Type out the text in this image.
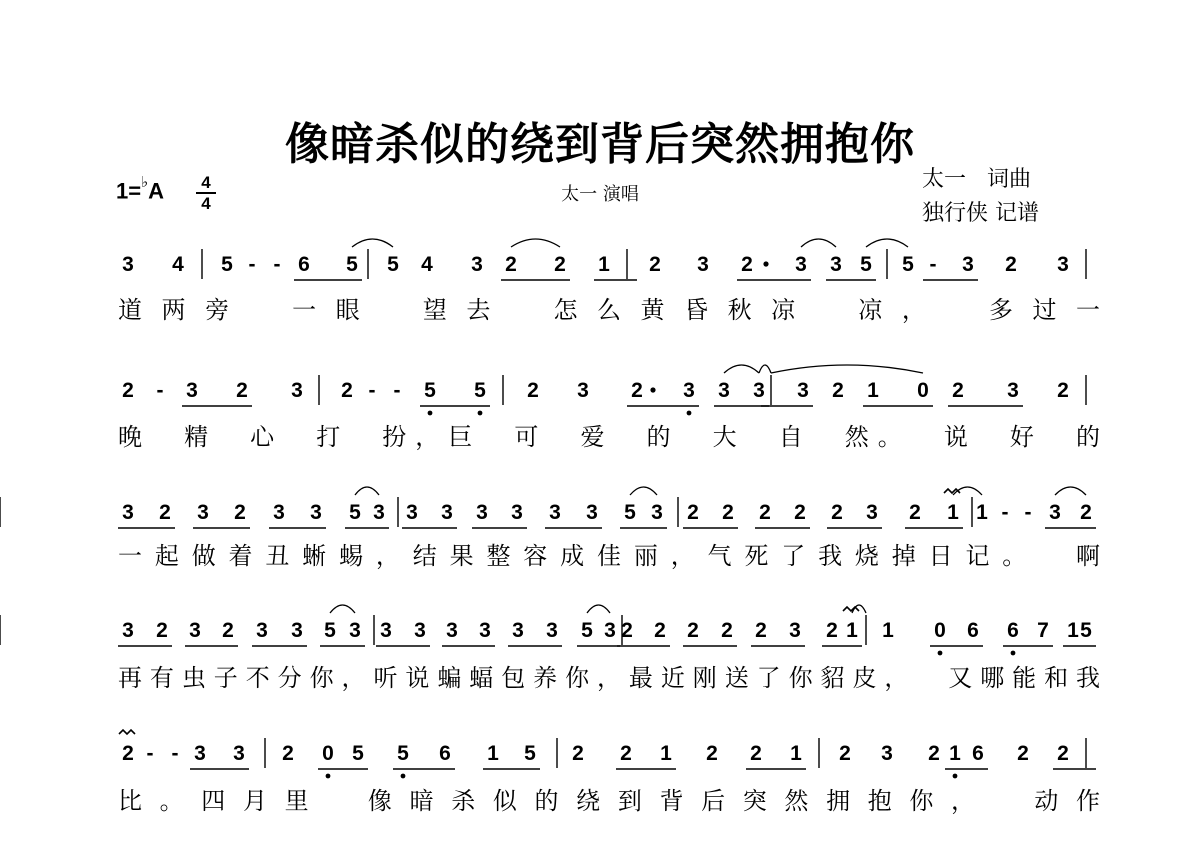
像暗杀似的绕到背后突然拥抱你
1=♭A	4
4	太一 演唱
太一   词曲
独行侠 记谱
3 4 5 - - 6 5 5 4 3 2 2 1 2 3 2 3 3 5 5 - 3 2 3
道 两 旁	一 眼	望 去	怎 么 黄 昏 秋 凉	凉 ，	多 过 一
2 - 3 2 3 2 - - 5 5 2 3 2 3 3 3 3 2 1 0 2 3 2
晚 精 心 打 扮 ， 巨 可 爱 的 大 自 然 。 说 好 的
3 2 3 2 3 3 5 3 3 3 3 3 3 3 5 3 2 2 2 2 2 3 2 1 1 - - 3 2
一 起 做 着 丑 蜥 蜴 ， 结 果 整 容 成 佳 丽 ， 气 死 了 我 烧 掉 日 记 。 啊
3 2 3 2 3 3 5 3 3 3 3 3 3 3 5 3 2 2 2 2 2 3 2 1 1 0 6 6 7 1 5
再 有 虫 子 不 分 你 ， 听 说 蝙 蝠 包 养 你 ， 最 近 刚 送 了 你 貂 皮 ， 又 哪 能 和 我
2 - - 3 3 2 0 5 5 6 1 5 2 2 1 2 2 1 2 3 2 1 6 2 2
比 。 四 月 里 像 暗 杀 似 的 绕 到 背 后 突 然 拥 抱 你 ， 动 作
